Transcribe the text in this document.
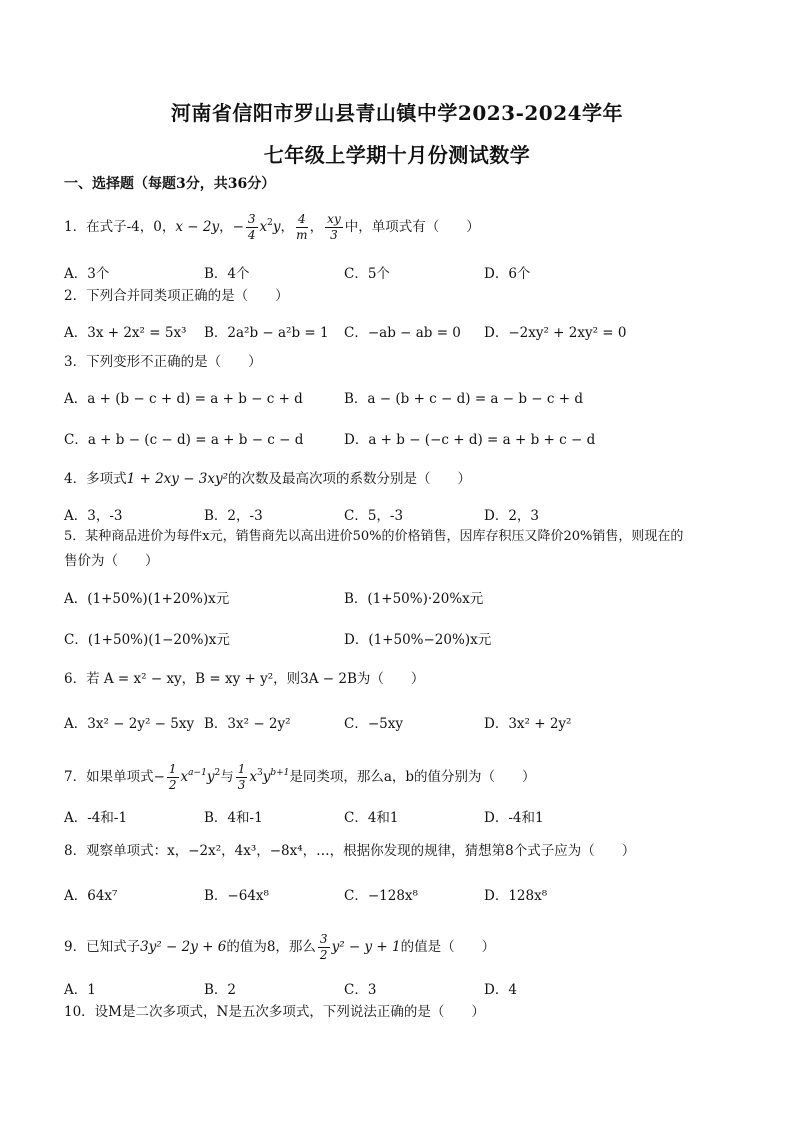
河南省信阳市罗山县青山镇中学2023-2024学年
七年级上学期十月份测试数学
一、选择题（每题3分，共36分）
1．在式子-4，0，x − 2y，− $\frac{3}{4} x^2y$， $\frac{4}{m}$ ， $\frac{xy}{3}$ 中，单项式有（　　）
A．3个	B．4个	C．5个	D．6个
2．下列合并同类项正确的是（　　）
A．3x + 2x² = 5x³ B．2a²b − a²b = 1 C．−ab − ab = 0 D．−2xy² + 2xy² = 0
3．下列变形不正确的是（　　）
A．a + (b − c + d) = a + b − c + d	B．a − (b + c − d) = a − b − c + d
C．a + b − (c − d) = a + b − c − d	D．a + b − (−c + d) = a + b + c − d
4．多项式1 + 2xy − 3xy²的次数及最高次项的系数分别是（　　）
A．3，-3	B．2，-3	C．5，-3	D．2，3
5．某种商品进价为每件x元，销售商先以高出进价50%的价格销售，因库存积压又降价20%销售，则现在的
售价为（　　）
A．(1+50%)(1+20%)x元	B．(1+50%)·20%x元
C．(1+50%)(1−20%)x元	D．(1+50%−20%)x元
6．若 A = x² − xy，B = xy + y²，则3A − 2B为（　　）
A．3x² − 2y² − 5xy B．3x² − 2y²	C．−5xy	D．3x² + 2y²
7．如果单项式− $\frac{1}{2} x^{a-1}y^2$与 $\frac{1}{3} x^3y^{b+1}$是同类项，那么a，b的值分别为（　　）
A．-4和-1	B．4和-1	C．4和1	D．-4和1
8．观察单项式：x，−2x²，4x³，−8x⁴，…，根据你发现的规律，猜想第8个式子应为（　　）
A．64x⁷	B．−64x⁸	C．−128x⁸	D．128x⁸
9．已知式子3y² − 2y + 6的值为8，那么 $\frac{3}{2} y^2 - y + 1$的值是（　　）
A．1	B．2	C．3	D．4
10．设M是二次多项式，N是五次多项式，下列说法正确的是（　　）
